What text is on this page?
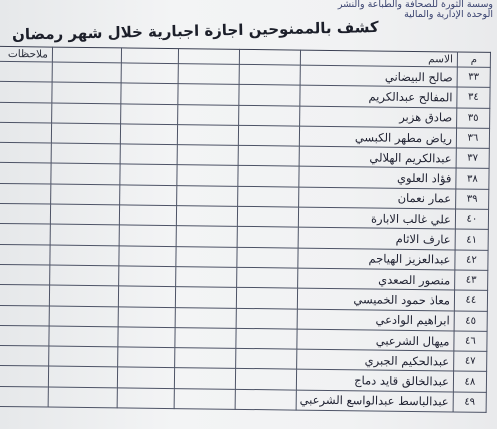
وسسة الثورة للصحافة والطباعة والنشر
الوحدة الإدارية والمالية
كشف بالممنوحين اجازة اجبارية خلال شهر رمضان
م	الاسم					ملاحظات
٣٣	صالح البيضاني					
٣٤	المفالح عبدالكريم					
٣٥	صادق هزبر					
٣٦	رياض مطهر الكبسي					
٣٧	عبدالكريم الهلالي					
٣٨	فؤاد العلوي					
٣٩	عمار نعمان					
٤٠	علي غالب الابارة					
٤١	عارف الاثام					
٤٢	عبدالعزيز الهياجم					
٤٣	منصور الصعدي					
٤٤	معاذ حمود الخميسي					
٤٥	ابراهيم الوادعي					
٤٦	ميهال الشرعبي					
٤٧	عبدالحكيم الجبري					
٤٨	عبدالخالق قايد دماج					
٤٩	عبدالباسط عبدالواسع الشرعبي					
